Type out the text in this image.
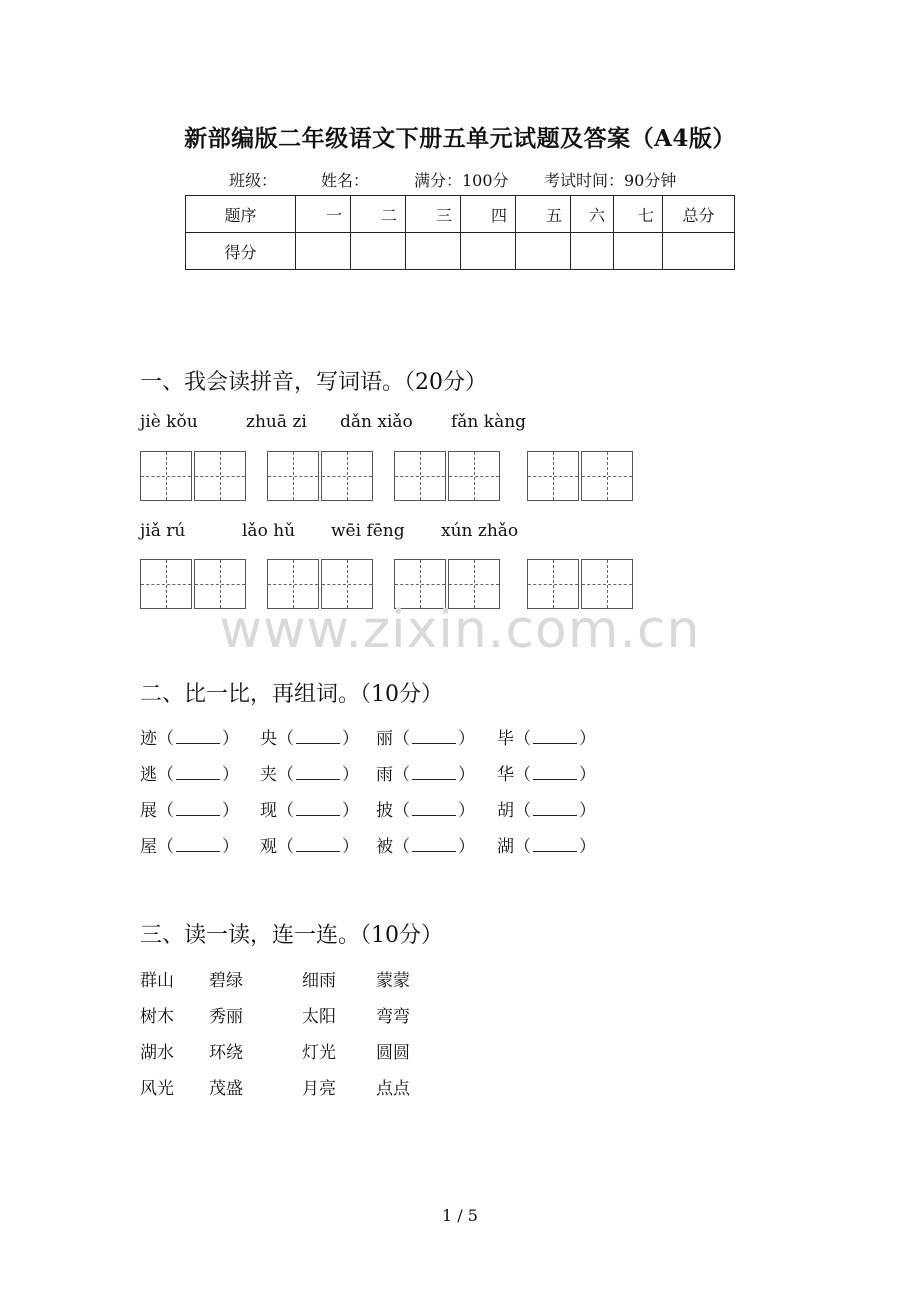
新部编版二年级语文下册五单元试题及答案（A4版）
班级：	姓名：	满分：100分 考试时间：90分钟
题序	一	二	三	四	五	六	七	总分
得分								
一、我会读拼音，写词语。（20分）
jiè kǒu	zhuā zi dǎn xiǎo fǎn kàng
jiǎ rú	lǎo hǔ wēi fēng xún zhǎo
www.zixin.com.cn
二、比一比，再组词。（10分）
迹（	） 央（	） 丽（	） 毕（	）
逃（	） 夹（	） 雨（	） 华（	）
展（	） 现（	） 披（	） 胡（	）
屋（	） 观（	） 被（	） 湖（	）
三、读一读，连一连。（10分）
群山 碧绿	细雨 蒙蒙
树木 秀丽	太阳 弯弯
湖水 环绕	灯光 圆圆
风光 茂盛	月亮 点点
1 / 5
